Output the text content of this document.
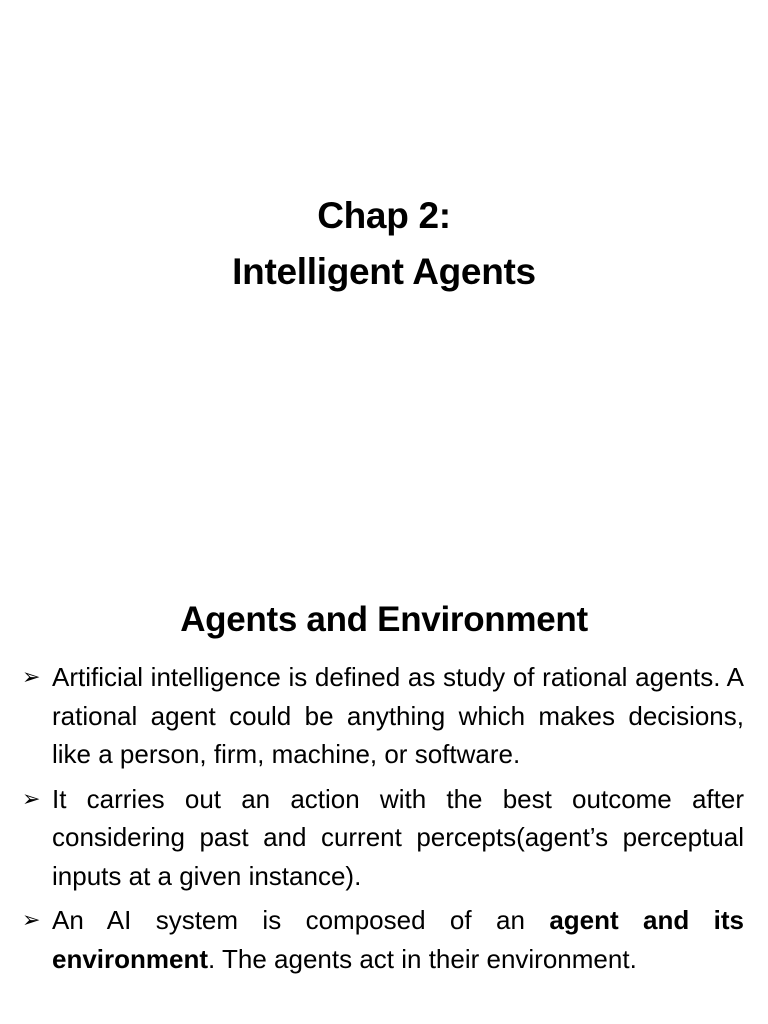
Chap 2:
Intelligent Agents
Agents and Environment
➢ Artificial intelligence is defined as study of rational agents. A rational agent could be anything which makes decisions, like a person, firm, machine, or software.
➢ It carries out an action with the best outcome after considering past and current percepts(agent’s perceptual inputs at a given instance).
➢ An AI system is composed of an agent and its environment. The agents act in their environment.
